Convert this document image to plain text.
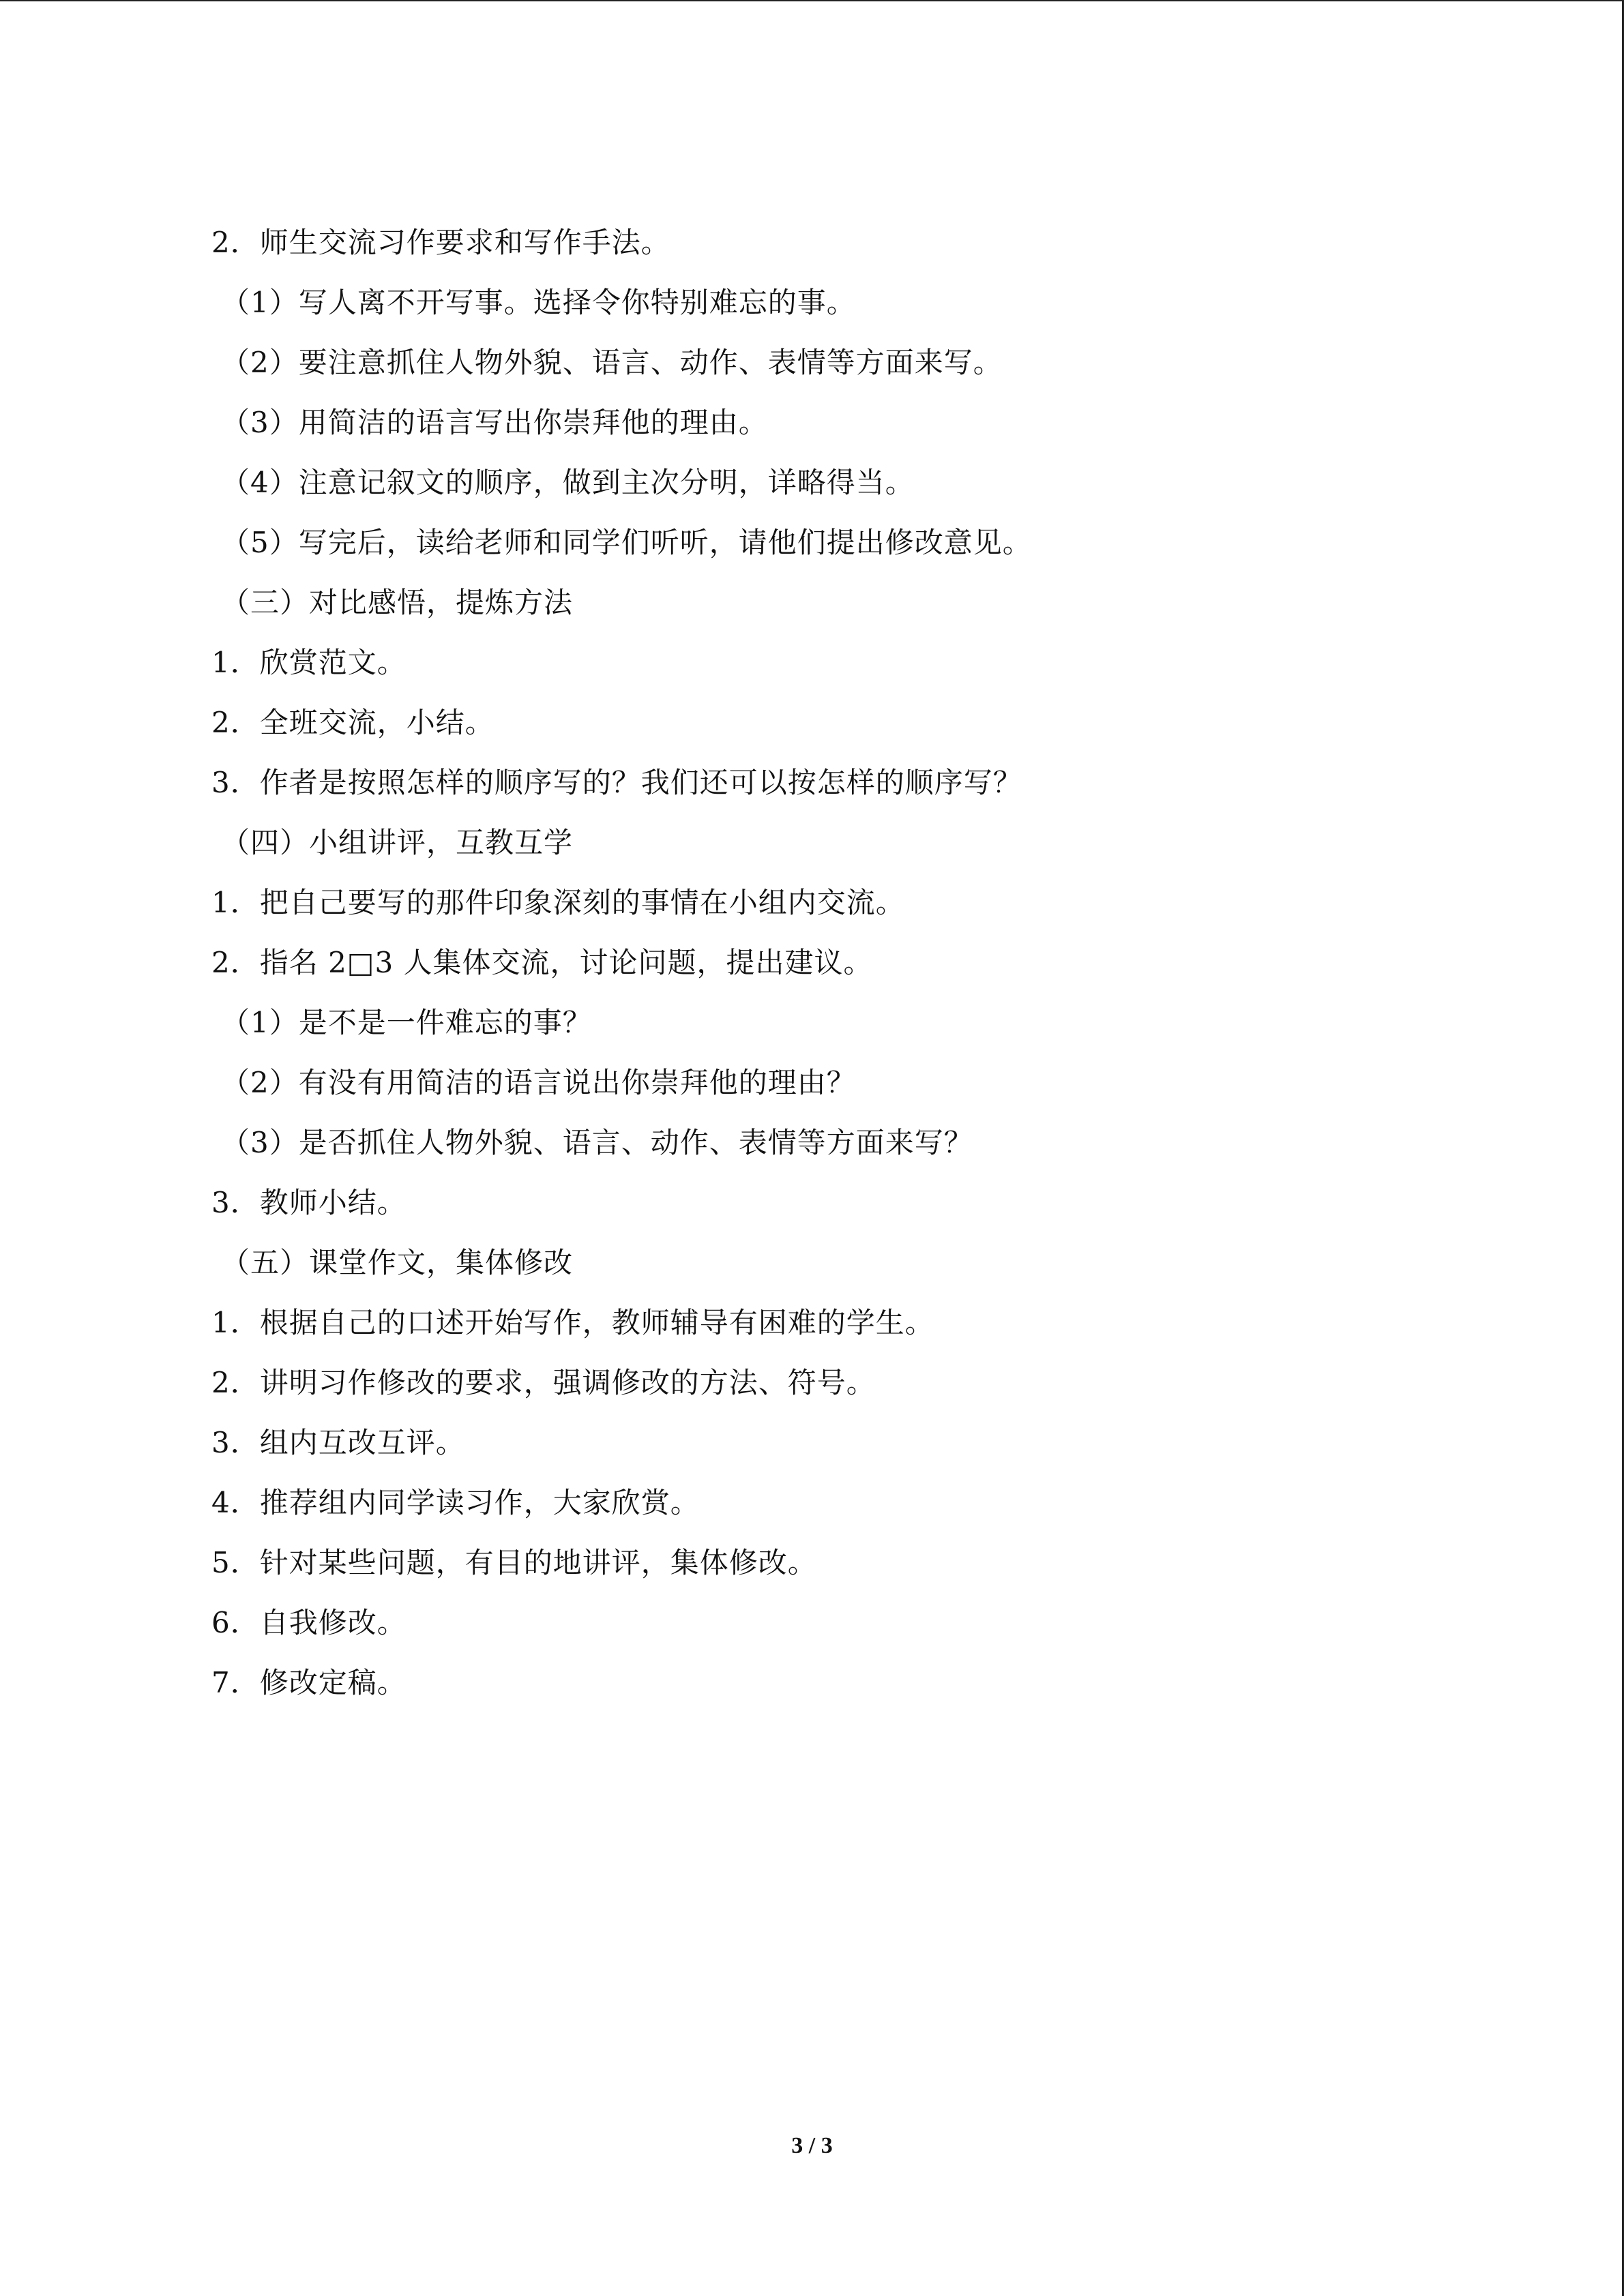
2．师生交流习作要求和写作手法。
（1）写人离不开写事。选择令你特别难忘的事。
（2）要注意抓住人物外貌、语言、动作、表情等方面来写。
（3）用简洁的语言写出你崇拜他的理由。
（4）注意记叙文的顺序，做到主次分明，详略得当。
（5）写完后，读给老师和同学们听听，请他们提出修改意见。
（三）对比感悟，提炼方法
1．欣赏范文。
2．全班交流，小结。
3．作者是按照怎样的顺序写的？我们还可以按怎样的顺序写？
（四）小组讲评，互教互学
1．把自己要写的那件印象深刻的事情在小组内交流。
2．指名 2□3 人集体交流，讨论问题，提出建议。
（1）是不是一件难忘的事？
（2）有没有用简洁的语言说出你崇拜他的理由？
（3）是否抓住人物外貌、语言、动作、表情等方面来写？
3．教师小结。
（五）课堂作文，集体修改
1．根据自己的口述开始写作，教师辅导有困难的学生。
2．讲明习作修改的要求，强调修改的方法、符号。
3．组内互改互评。
4．推荐组内同学读习作，大家欣赏。
5．针对某些问题，有目的地讲评，集体修改。
6．自我修改。
7．修改定稿。
3 / 3
